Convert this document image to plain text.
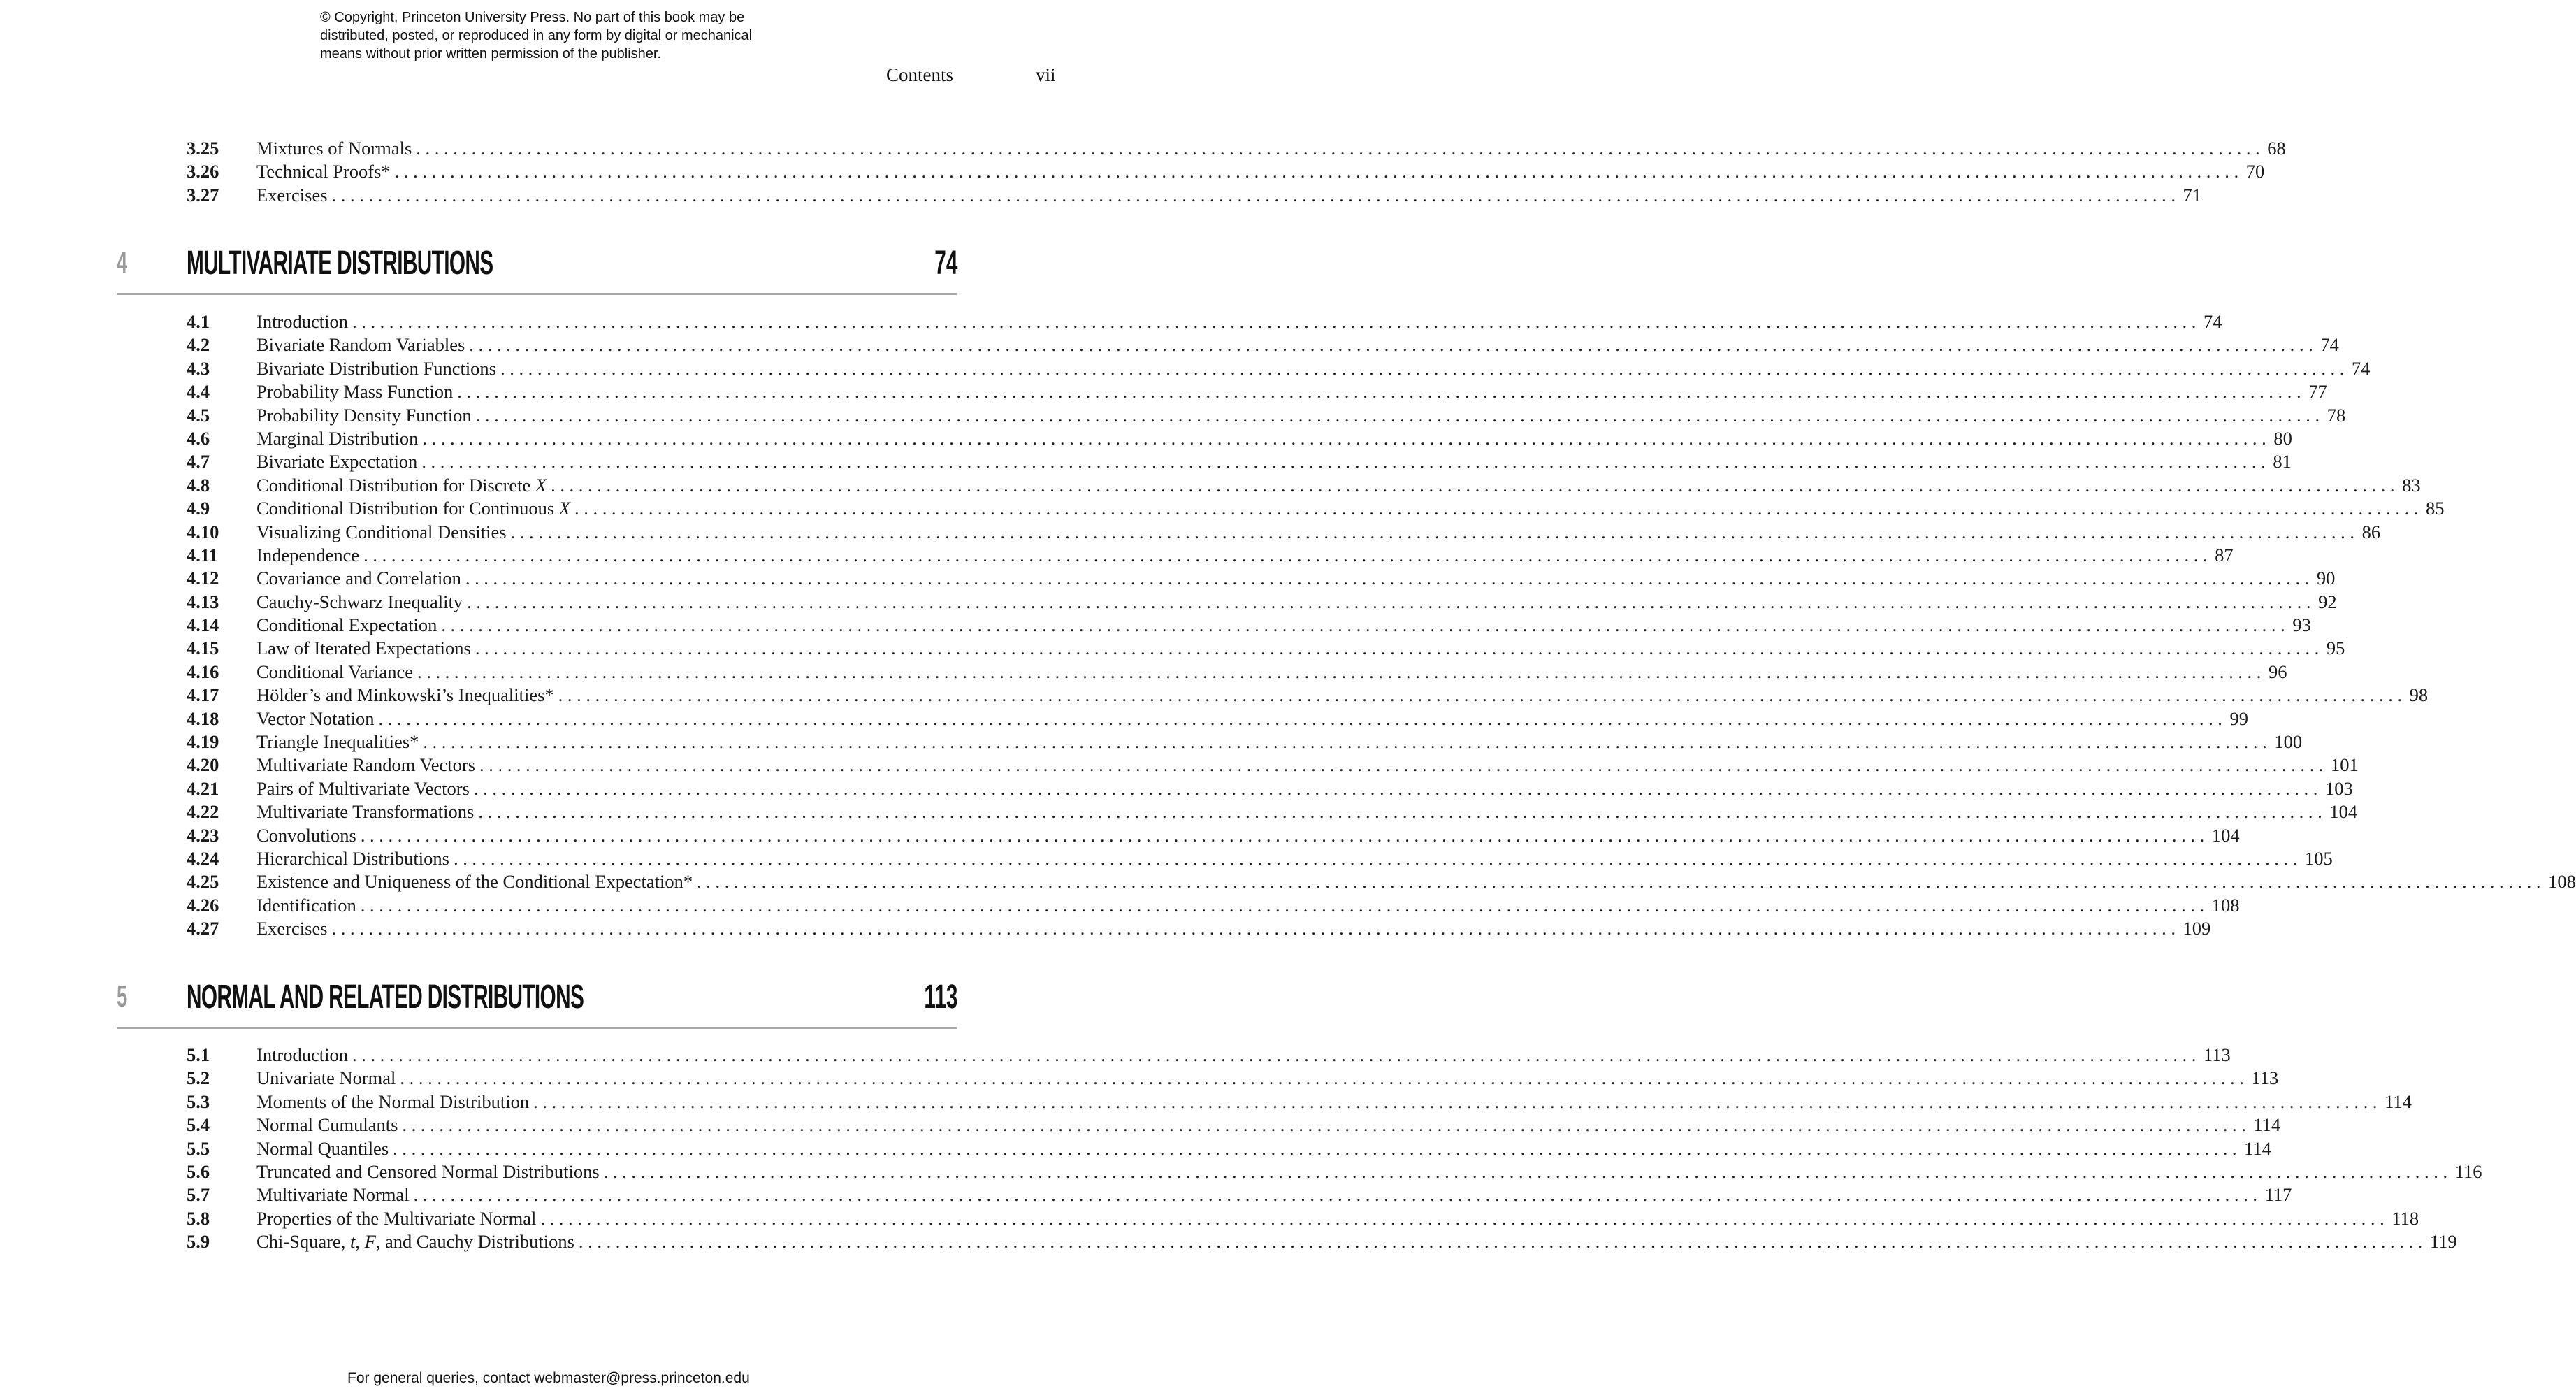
© Copyright, Princeton University Press. No part of this book may be
distributed, posted, or reproduced in any form by digital or mechanical
means without prior written permission of the publisher.
Contents	vii
3.25	Mixtures of Normals ........................................................................................................................................................................................................ 68
3.26	Technical Proofs* ........................................................................................................................................................................................................ 70
3.27	Exercises ........................................................................................................................................................................................................ 71
4 MULTIVARIATE DISTRIBUTIONS	74
4.1	Introduction ........................................................................................................................................................................................................ 74
4.2	Bivariate Random Variables ........................................................................................................................................................................................................ 74
4.3	Bivariate Distribution Functions ........................................................................................................................................................................................................ 74
4.4	Probability Mass Function ........................................................................................................................................................................................................ 77
4.5	Probability Density Function ........................................................................................................................................................................................................ 78
4.6	Marginal Distribution ........................................................................................................................................................................................................ 80
4.7	Bivariate Expectation ........................................................................................................................................................................................................ 81
4.8	Conditional Distribution for Discrete X ........................................................................................................................................................................................................ 83
4.9	Conditional Distribution for Continuous X ........................................................................................................................................................................................................ 85
4.10	Visualizing Conditional Densities ........................................................................................................................................................................................................ 86
4.11	Independence ........................................................................................................................................................................................................ 87
4.12	Covariance and Correlation ........................................................................................................................................................................................................ 90
4.13	Cauchy-Schwarz Inequality ........................................................................................................................................................................................................ 92
4.14	Conditional Expectation ........................................................................................................................................................................................................ 93
4.15	Law of Iterated Expectations ........................................................................................................................................................................................................ 95
4.16	Conditional Variance ........................................................................................................................................................................................................ 96
4.17	Hölder’s and Minkowski’s Inequalities* ........................................................................................................................................................................................................ 98
4.18	Vector Notation ........................................................................................................................................................................................................ 99
4.19	Triangle Inequalities* ........................................................................................................................................................................................................ 100
4.20	Multivariate Random Vectors ........................................................................................................................................................................................................ 101
4.21	Pairs of Multivariate Vectors ........................................................................................................................................................................................................ 103
4.22	Multivariate Transformations ........................................................................................................................................................................................................ 104
4.23	Convolutions ........................................................................................................................................................................................................ 104
4.24	Hierarchical Distributions ........................................................................................................................................................................................................ 105
4.25	Existence and Uniqueness of the Conditional Expectation* ........................................................................................................................................................................................................ 108
4.26	Identification ........................................................................................................................................................................................................ 108
4.27	Exercises ........................................................................................................................................................................................................ 109
5 NORMAL AND RELATED DISTRIBUTIONS	113
5.1	Introduction ........................................................................................................................................................................................................ 113
5.2	Univariate Normal ........................................................................................................................................................................................................ 113
5.3	Moments of the Normal Distribution ........................................................................................................................................................................................................ 114
5.4	Normal Cumulants ........................................................................................................................................................................................................ 114
5.5	Normal Quantiles ........................................................................................................................................................................................................ 114
5.6	Truncated and Censored Normal Distributions ........................................................................................................................................................................................................ 116
5.7	Multivariate Normal ........................................................................................................................................................................................................ 117
5.8	Properties of the Multivariate Normal ........................................................................................................................................................................................................ 118
5.9	Chi-Square, t, F, and Cauchy Distributions ........................................................................................................................................................................................................ 119
For general queries, contact webmaster@press.princeton.edu
